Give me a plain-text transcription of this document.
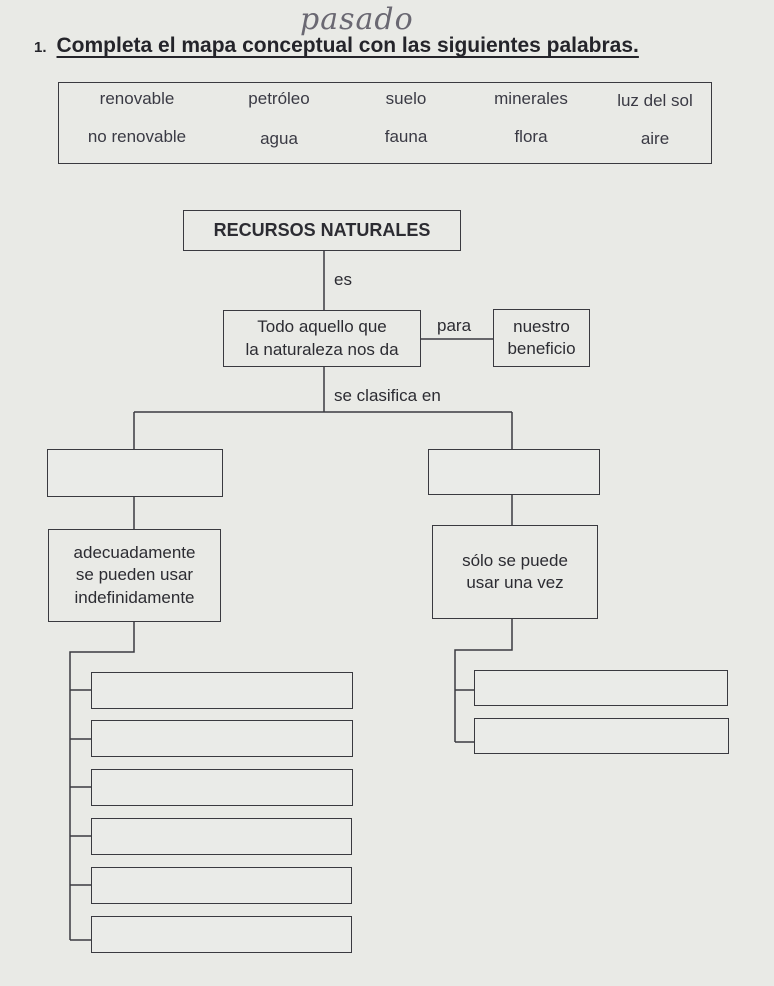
pasado
1. Completa el mapa conceptual con las siguientes palabras.
renovable	petróleo	suelo	minerales	luz del sol
no renovable	agua	fauna	flora	aire
RECURSOS NATURALES
es
Todo aquello que
la naturaleza nos da
para nuestro
beneficio
se clasifica en
adecuadamente
se pueden usar
indefinidamente
sólo se puede
usar una vez
